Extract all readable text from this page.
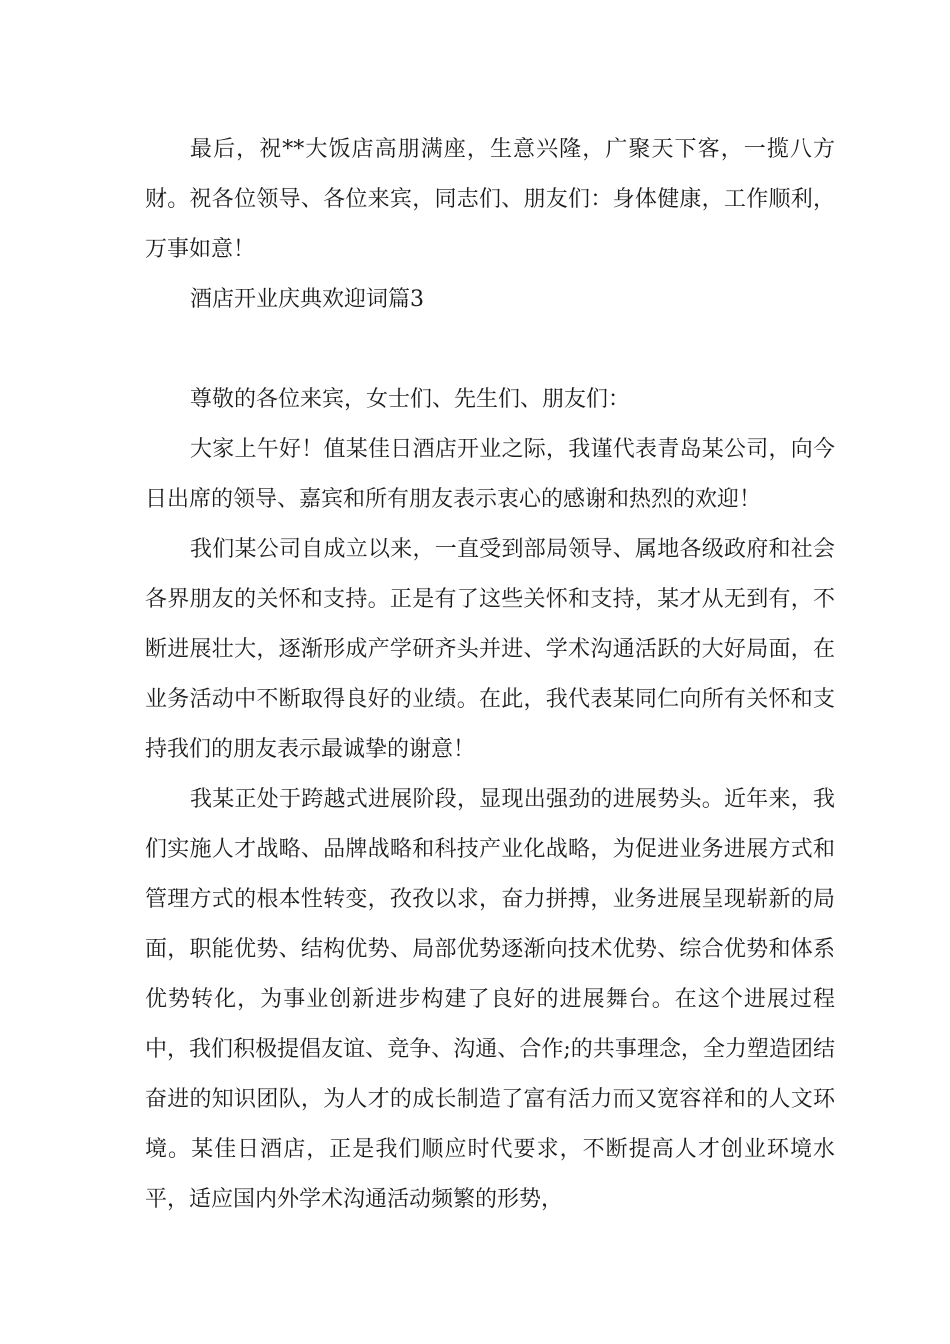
最后，祝**大饭店高朋满座，生意兴隆，广聚天下客，一揽八方财。祝各位领导、各位来宾，同志们、朋友们：身体健康，工作顺利，万事如意！

酒店开业庆典欢迎词篇3

尊敬的各位来宾，女士们、先生们、朋友们：

大家上午好！值某佳日酒店开业之际，我谨代表青岛某公司，向今日出席的领导、嘉宾和所有朋友表示衷心的感谢和热烈的欢迎！

我们某公司自成立以来，一直受到部局领导、属地各级政府和社会各界朋友的关怀和支持。正是有了这些关怀和支持，某才从无到有，不断进展壮大，逐渐形成产学研齐头并进、学术沟通活跃的大好局面，在业务活动中不断取得良好的业绩。在此，我代表某同仁向所有关怀和支持我们的朋友表示最诚挚的谢意！

我某正处于跨越式进展阶段，显现出强劲的进展势头。近年来，我们实施人才战略、品牌战略和科技产业化战略，为促进业务进展方式和管理方式的根本性转变，孜孜以求，奋力拼搏，业务进展呈现崭新的局面，职能优势、结构优势、局部优势逐渐向技术优势、综合优势和体系优势转化，为事业创新进步构建了良好的进展舞台。在这个进展过程中，我们积极提倡友谊、竞争、沟通、合作;的共事理念，全力塑造团结奋进的知识团队，为人才的成长制造了富有活力而又宽容祥和的人文环境。某佳日酒店，正是我们顺应时代要求，不断提高人才创业环境水平，适应国内外学术沟通活动频繁的形势，
